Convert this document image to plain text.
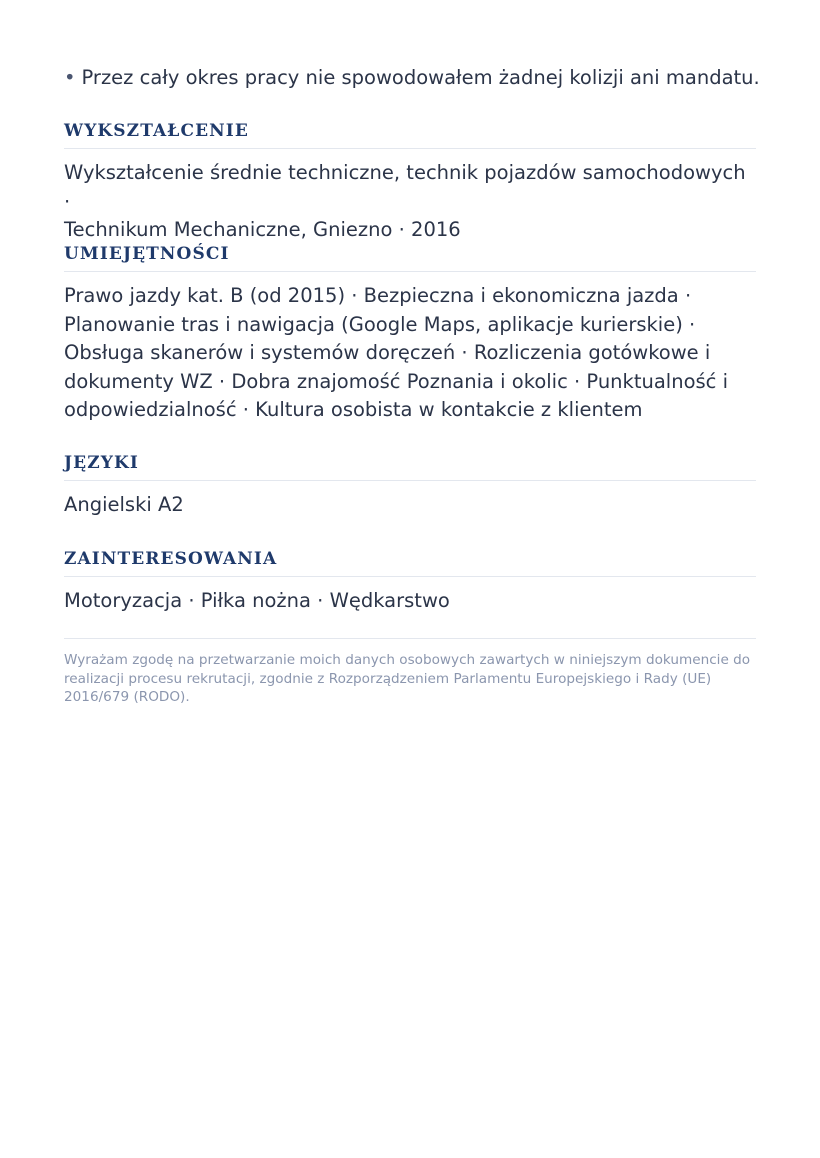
• Przez cały okres pracy nie spowodowałem żadnej kolizji ani mandatu.
WYKSZTAŁCENIE
Wykształcenie średnie techniczne, technik pojazdów samochodowych ·
Technikum Mechaniczne, Gniezno · 2016
UMIEJĘTNOŚCI
Prawo jazdy kat. B (od 2015) · Bezpieczna i ekonomiczna jazda ·
Planowanie tras i nawigacja (Google Maps, aplikacje kurierskie) ·
Obsługa skanerów i systemów doręczeń · Rozliczenia gotówkowe i
dokumenty WZ · Dobra znajomość Poznania i okolic · Punktualność i
odpowiedzialność · Kultura osobista w kontakcie z klientem
JĘZYKI
Angielski A2
ZAINTERESOWANIA
Motoryzacja · Piłka nożna · Wędkarstwo
Wyrażam zgodę na przetwarzanie moich danych osobowych zawartych w niniejszym dokumencie do
realizacji procesu rekrutacji, zgodnie z Rozporządzeniem Parlamentu Europejskiego i Rady (UE)
2016/679 (RODO).
